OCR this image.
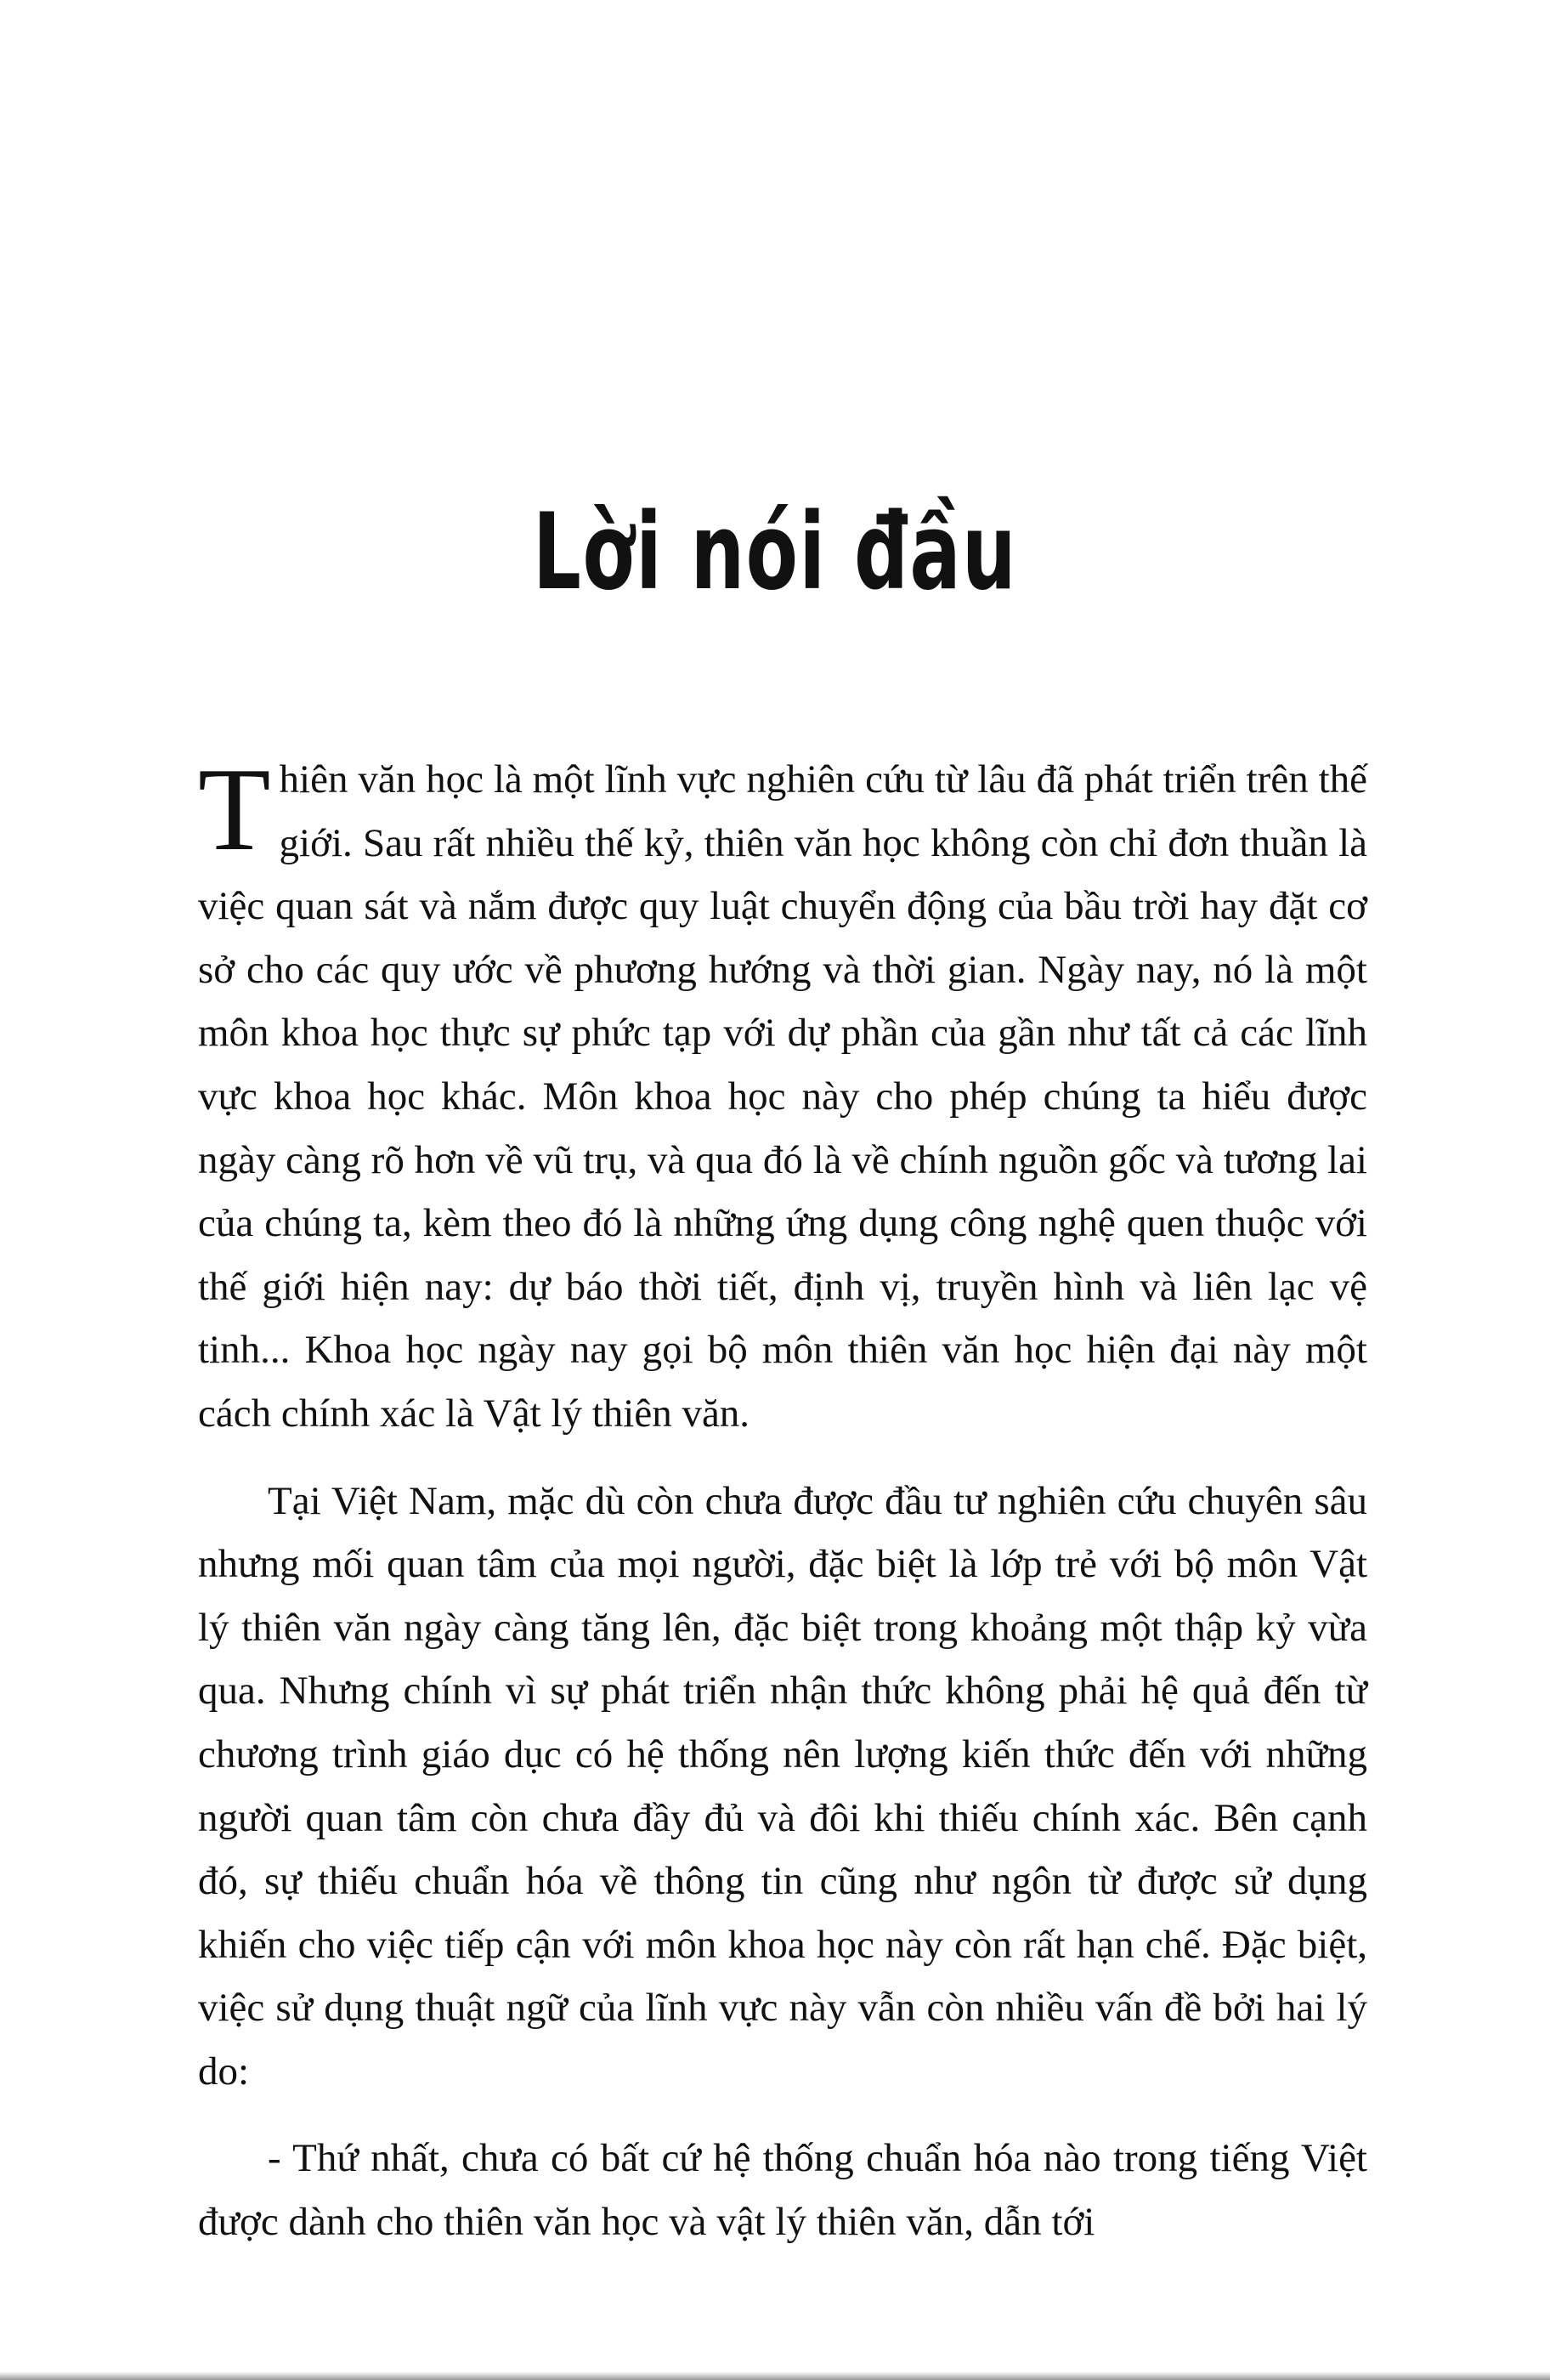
Lời nói đầu

Thiên văn học là một lĩnh vực nghiên cứu từ lâu đã phát triển trên thế giới. Sau rất nhiều thế kỷ, thiên văn học không còn chỉ đơn thuần là việc quan sát và nắm được quy luật chuyển động của bầu trời hay đặt cơ sở cho các quy ước về phương hướng và thời gian. Ngày nay, nó là một môn khoa học thực sự phức tạp với dự phần của gần như tất cả các lĩnh vực khoa học khác. Môn khoa học này cho phép chúng ta hiểu được ngày càng rõ hơn về vũ trụ, và qua đó là về chính nguồn gốc và tương lai của chúng ta, kèm theo đó là những ứng dụng công nghệ quen thuộc với thế giới hiện nay: dự báo thời tiết, định vị, truyền hình và liên lạc vệ tinh... Khoa học ngày nay gọi bộ môn thiên văn học hiện đại này một cách chính xác là Vật lý thiên văn.

Tại Việt Nam, mặc dù còn chưa được đầu tư nghiên cứu chuyên sâu nhưng mối quan tâm của mọi người, đặc biệt là lớp trẻ với bộ môn Vật lý thiên văn ngày càng tăng lên, đặc biệt trong khoảng một thập kỷ vừa qua. Nhưng chính vì sự phát triển nhận thức không phải hệ quả đến từ chương trình giáo dục có hệ thống nên lượng kiến thức đến với những người quan tâm còn chưa đầy đủ và đôi khi thiếu chính xác. Bên cạnh đó, sự thiếu chuẩn hóa về thông tin cũng như ngôn từ được sử dụng khiến cho việc tiếp cận với môn khoa học này còn rất hạn chế. Đặc biệt, việc sử dụng thuật ngữ của lĩnh vực này vẫn còn nhiều vấn đề bởi hai lý do:

- Thứ nhất, chưa có bất cứ hệ thống chuẩn hóa nào trong tiếng Việt được dành cho thiên văn học và vật lý thiên văn, dẫn tới
